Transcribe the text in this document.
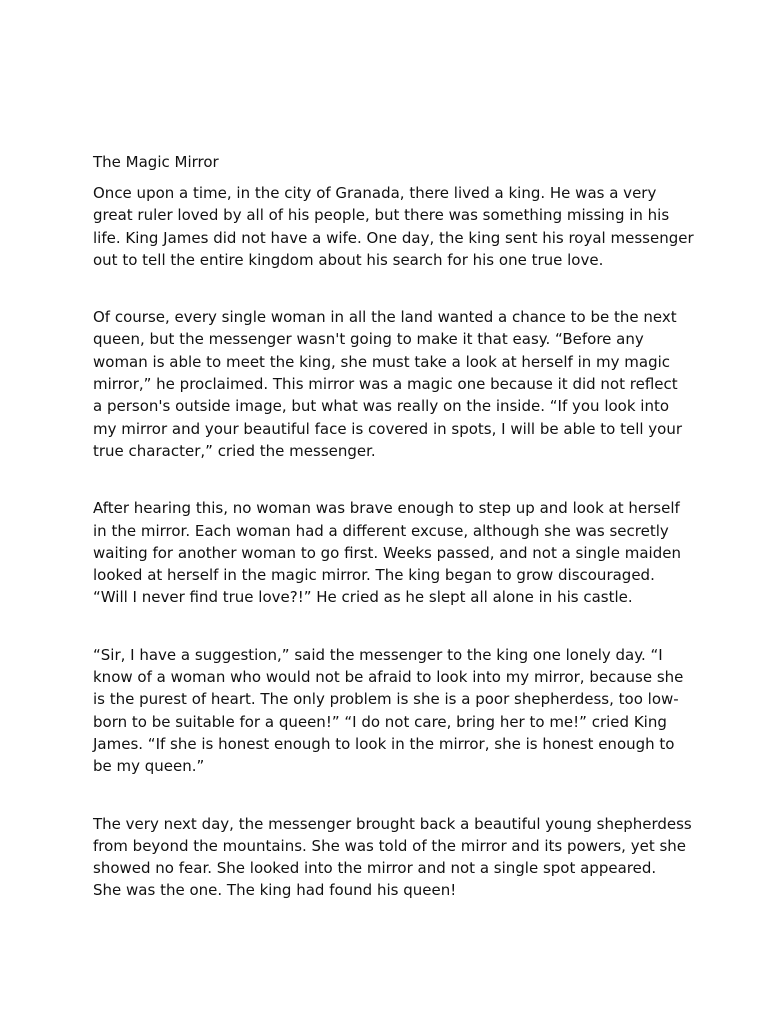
The Magic Mirror
Once upon a time, in the city of Granada, there lived a king. He was a very
great ruler loved by all of his people, but there was something missing in his
life. King James did not have a wife. One day, the king sent his royal messenger
out to tell the entire kingdom about his search for his one true love.
Of course, every single woman in all the land wanted a chance to be the next
queen, but the messenger wasn't going to make it that easy. “Before any
woman is able to meet the king, she must take a look at herself in my magic
mirror,” he proclaimed. This mirror was a magic one because it did not reflect
a person's outside image, but what was really on the inside. “If you look into
my mirror and your beautiful face is covered in spots, I will be able to tell your
true character,” cried the messenger.
After hearing this, no woman was brave enough to step up and look at herself
in the mirror. Each woman had a different excuse, although she was secretly
waiting for another woman to go first. Weeks passed, and not a single maiden
looked at herself in the magic mirror. The king began to grow discouraged.
“Will I never find true love?!” He cried as he slept all alone in his castle.
“Sir, I have a suggestion,” said the messenger to the king one lonely day. “I
know of a woman who would not be afraid to look into my mirror, because she
is the purest of heart. The only problem is she is a poor shepherdess, too low-
born to be suitable for a queen!” “I do not care, bring her to me!” cried King
James. “If she is honest enough to look in the mirror, she is honest enough to
be my queen.”
The very next day, the messenger brought back a beautiful young shepherdess
from beyond the mountains. She was told of the mirror and its powers, yet she
showed no fear. She looked into the mirror and not a single spot appeared.
She was the one. The king had found his queen!
